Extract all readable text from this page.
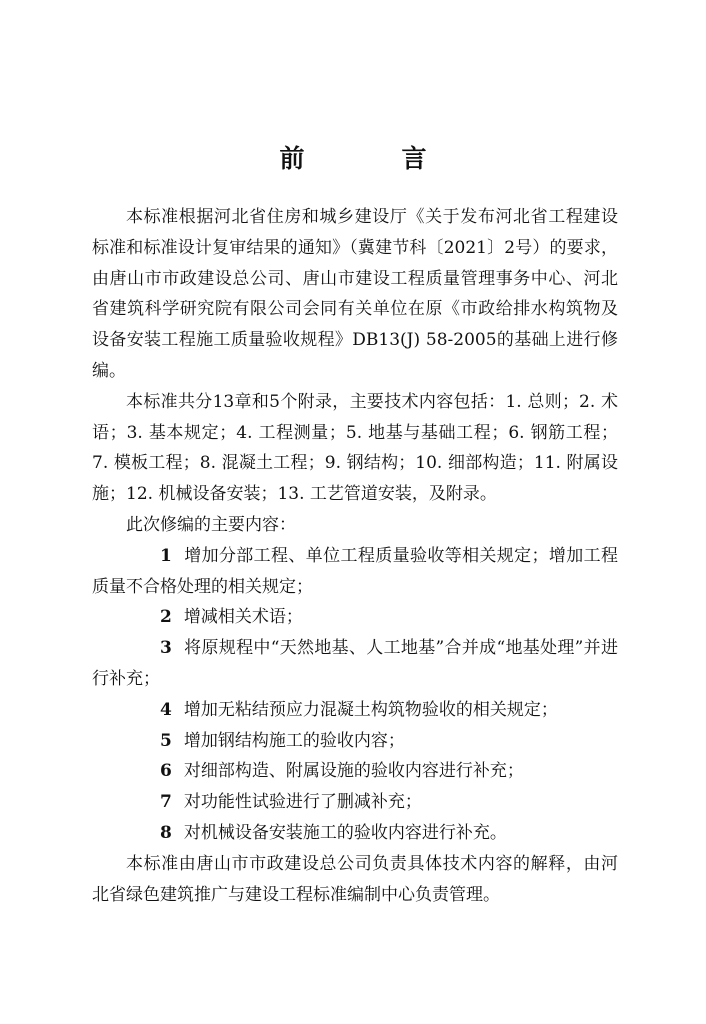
前　言

本标准根据河北省住房和城乡建设厅《关于发布河北省工程建设标准和标准设计复审结果的通知》（冀建节科〔2021〕2号）的要求，由唐山市市政建设总公司、唐山市建设工程质量管理事务中心、河北省建筑科学研究院有限公司会同有关单位在原《市政给排水构筑物及设备安装工程施工质量验收规程》DB13(J) 58-2005的基础上进行修编。

本标准共分13章和5个附录，主要技术内容包括：1. 总则；2. 术语；3. 基本规定；4. 工程测量；5. 地基与基础工程；6. 钢筋工程；7. 模板工程；8. 混凝土工程；9. 钢结构；10. 细部构造；11. 附属设施；12. 机械设备安装；13. 工艺管道安装，及附录。

此次修编的主要内容：

1 增加分部工程、单位工程质量验收等相关规定；增加工程质量不合格处理的相关规定；

2 增减相关术语；

3 将原规程中“天然地基、人工地基”合并成“地基处理”并进行补充；

4 增加无粘结预应力混凝土构筑物验收的相关规定；

5 增加钢结构施工的验收内容；

6 对细部构造、附属设施的验收内容进行补充；

7 对功能性试验进行了删减补充；

8 对机械设备安装施工的验收内容进行补充。

本标准由唐山市市政建设总公司负责具体技术内容的解释，由河北省绿色建筑推广与建设工程标准编制中心负责管理。
